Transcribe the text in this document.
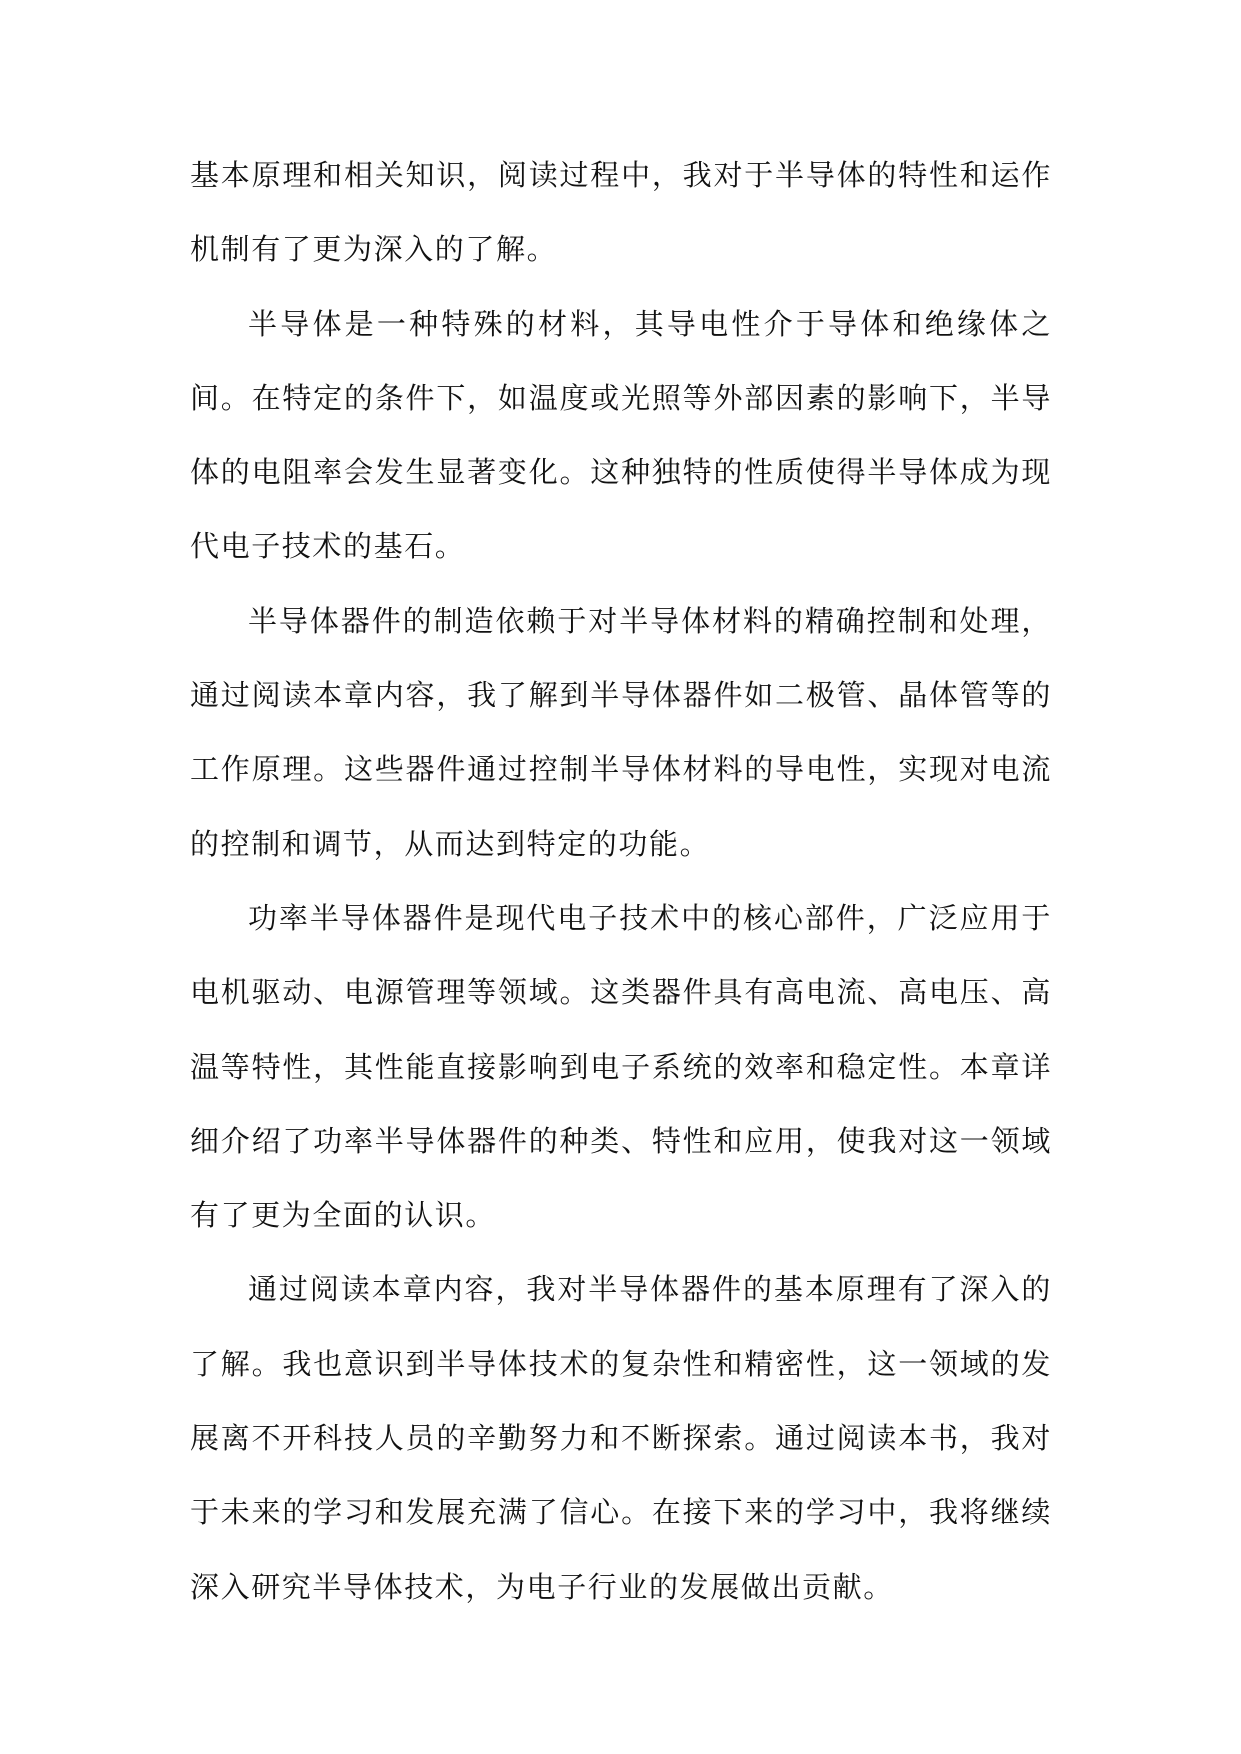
基本原理和相关知识，阅读过程中，我对于半导体的特性和运作机制有了更为深入的了解。

半导体是一种特殊的材料，其导电性介于导体和绝缘体之间。在特定的条件下，如温度或光照等外部因素的影响下，半导体的电阻率会发生显著变化。这种独特的性质使得半导体成为现代电子技术的基石。

半导体器件的制造依赖于对半导体材料的精确控制和处理，通过阅读本章内容，我了解到半导体器件如二极管、晶体管等的工作原理。这些器件通过控制半导体材料的导电性，实现对电流的控制和调节，从而达到特定的功能。

功率半导体器件是现代电子技术中的核心部件，广泛应用于电机驱动、电源管理等领域。这类器件具有高电流、高电压、高温等特性，其性能直接影响到电子系统的效率和稳定性。本章详细介绍了功率半导体器件的种类、特性和应用，使我对这一领域有了更为全面的认识。

通过阅读本章内容，我对半导体器件的基本原理有了深入的了解。我也意识到半导体技术的复杂性和精密性，这一领域的发展离不开科技人员的辛勤努力和不断探索。通过阅读本书，我对于未来的学习和发展充满了信心。在接下来的学习中，我将继续深入研究半导体技术，为电子行业的发展做出贡献。
